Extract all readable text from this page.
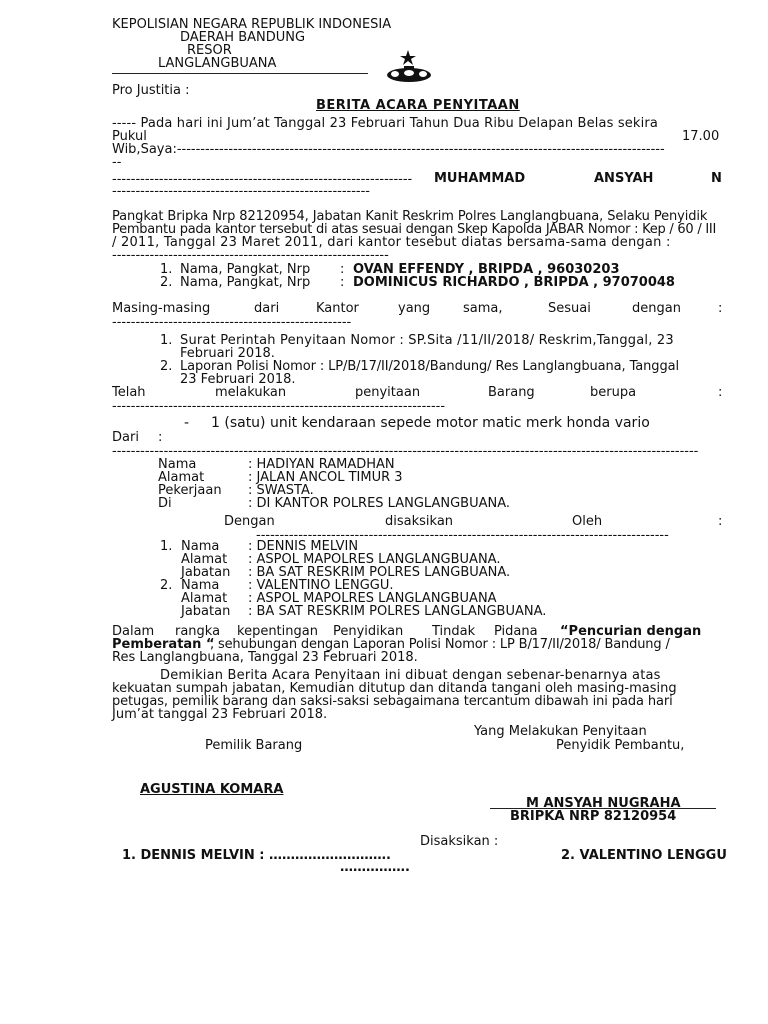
KEPOLISIAN NEGARA REPUBLIK INDONESIA
DAERAH BANDUNG
RESOR
LANGLANGBUANA
Pro Justitia :
BERITA ACARA PENYITAAN
----- Pada hari ini Jum’at Tanggal 23 Februari Tahun Dua Ribu Delapan Belas sekira
Pukul	17.00
Wib,Saya:--------------------------------------------------------------------------------------------------------
--
---------------------------------------------------------------- MUHAMMAD	ANSYAH	N
-------------------------------------------------------
Pangkat Bripka Nrp 82120954, Jabatan Kanit Reskrim Polres Langlangbuana, Selaku Penyidik
Pembantu pada kantor tersebut di atas sesuai dengan Skep Kapolda JABAR Nomor : Kep / 60 / III
/ 2011, Tanggal 23 Maret 2011, dari kantor tesebut diatas bersama-sama dengan :
-----------------------------------------------------------
1. Nama, Pangkat, Nrp : OVAN EFFENDY , BRIPDA , 96030203
2. Nama, Pangkat, Nrp : DOMINICUS RICHARDO , BRIPDA , 97070048
Masing-masing	dari	Kantor	yang	sama,	Sesuai	dengan	:
---------------------------------------------------
1. Surat Perintah Penyitaan Nomor : SP.Sita /11/II/2018/ Reskrim,Tanggal, 23
Februari 2018.
2. Laporan Polisi Nomor : LP/B/17/II/2018/Bandung/ Res Langlangbuana, Tanggal
23 Februari 2018.
Telah	melakukan	penyitaan	Barang	berupa	:
-----------------------------------------------------------------------
- 1 (satu) unit kendaraan sepede motor matic merk honda vario
Dari :
-----------------------------------------------------------------------------------------------------------------------------
Nama	: HADIYAN RAMADHAN
Alamat	: JALAN ANCOL TIMUR 3
Pekerjaan : SWASTA.
Di	: DI KANTOR POLRES LANGLANGBUANA.
Dengan	disaksikan	Oleh	:
----------------------------------------------------------------------------------------
1. Nama : DENNIS MELVIN
Alamat : ASPOL MAPOLRES LANGLANGBUANA.
Jabatan : BA SAT RESKRIM POLRES LANGBUANA.
2. Nama : VALENTINO LENGGU.
Alamat : ASPOL MAPOLRES LANGLANGBUANA
Jabatan : BA SAT RESKRIM POLRES LANGLANGBUANA.
Dalam rangka kepentingan Penyidikan Tindak Pidana “Pencurian dengan
Pemberatan “
, sehubungan dengan Laporan Polisi Nomor : LP B/17/II/2018/ Bandung /
Res Langlangbuana, Tanggal 23 Februari 2018.
Demikian Berita Acara Penyitaan ini dibuat dengan sebenar-benarnya atas
kekuatan sumpah jabatan, Kemudian ditutup dan ditanda tangani oleh masing-masing
petugas, pemilik barang dan saksi-saksi sebagaimana tercantum dibawah ini pada hari
Jum’at tanggal 23 Februari 2018.
Yang Melakukan Penyitaan
Pemilik Barang	Penyidik Pembantu,
AGUSTINA KOMARA
M ANSYAH NUGRAHA
BRIPKA NRP 82120954
Disaksikan :
1. DENNIS MELVIN : ……………………….	2. VALENTINO LENGGU
…………….
